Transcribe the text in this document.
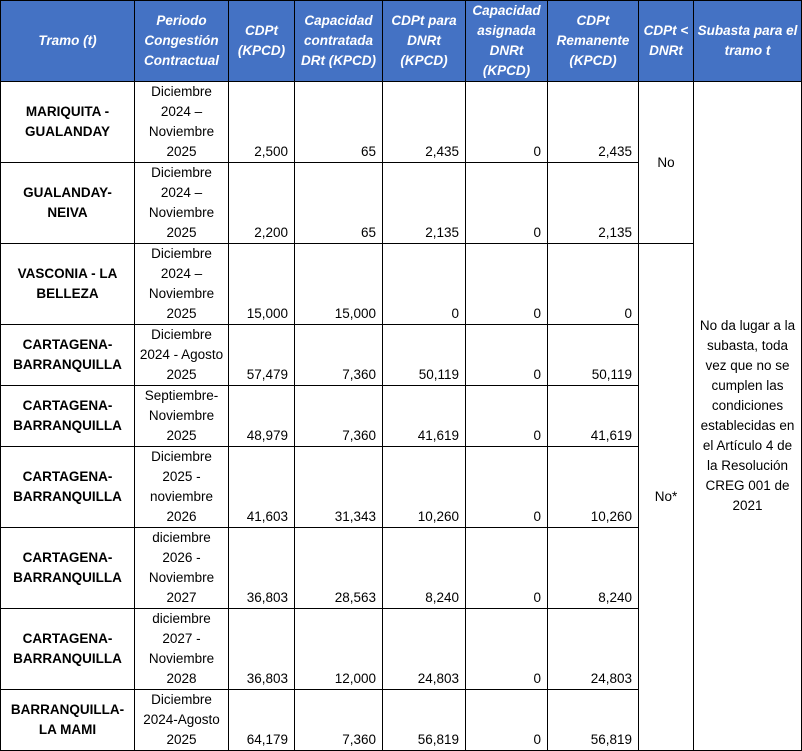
Tramo (t)	Periodo Congestión Contractual	CDPt (KPCD)	Capacidad contratada DRt (KPCD)	CDPt para DNRt (KPCD)	Capacidad asignada DNRt (KPCD)	CDPt Remanente (KPCD)	CDPt < DNRt	Subasta para el tramo t
MARIQUITA - GUALANDAY	Diciembre 2024 – Noviembre 2025	2,500	65	2,435	0	2,435	No	No da lugar a la subasta, toda vez que no se cumplen las condiciones establecidas en el Artículo 4 de la Resolución CREG 001 de 2021
GUALANDAY-NEIVA	Diciembre 2024 – Noviembre 2025	2,200	65	2,135	0	2,135		
VASCONIA - LA BELLEZA	Diciembre 2024 – Noviembre 2025	15,000	15,000	0	0	0	No*	
CARTAGENA-BARRANQUILLA	Diciembre 2024 - Agosto 2025	57,479	7,360	50,119	0	50,119		
CARTAGENA-BARRANQUILLA	Septiembre-Noviembre 2025	48,979	7,360	41,619	0	41,619		
CARTAGENA-BARRANQUILLA	Diciembre 2025 - noviembre 2026	41,603	31,343	10,260	0	10,260		
CARTAGENA-BARRANQUILLA	diciembre 2026 - Noviembre 2027	36,803	28,563	8,240	0	8,240		
CARTAGENA-BARRANQUILLA	diciembre 2027 - Noviembre 2028	36,803	12,000	24,803	0	24,803		
BARRANQUILLA-LA MAMI	Diciembre 2024-Agosto 2025	64,179	7,360	56,819	0	56,819		
